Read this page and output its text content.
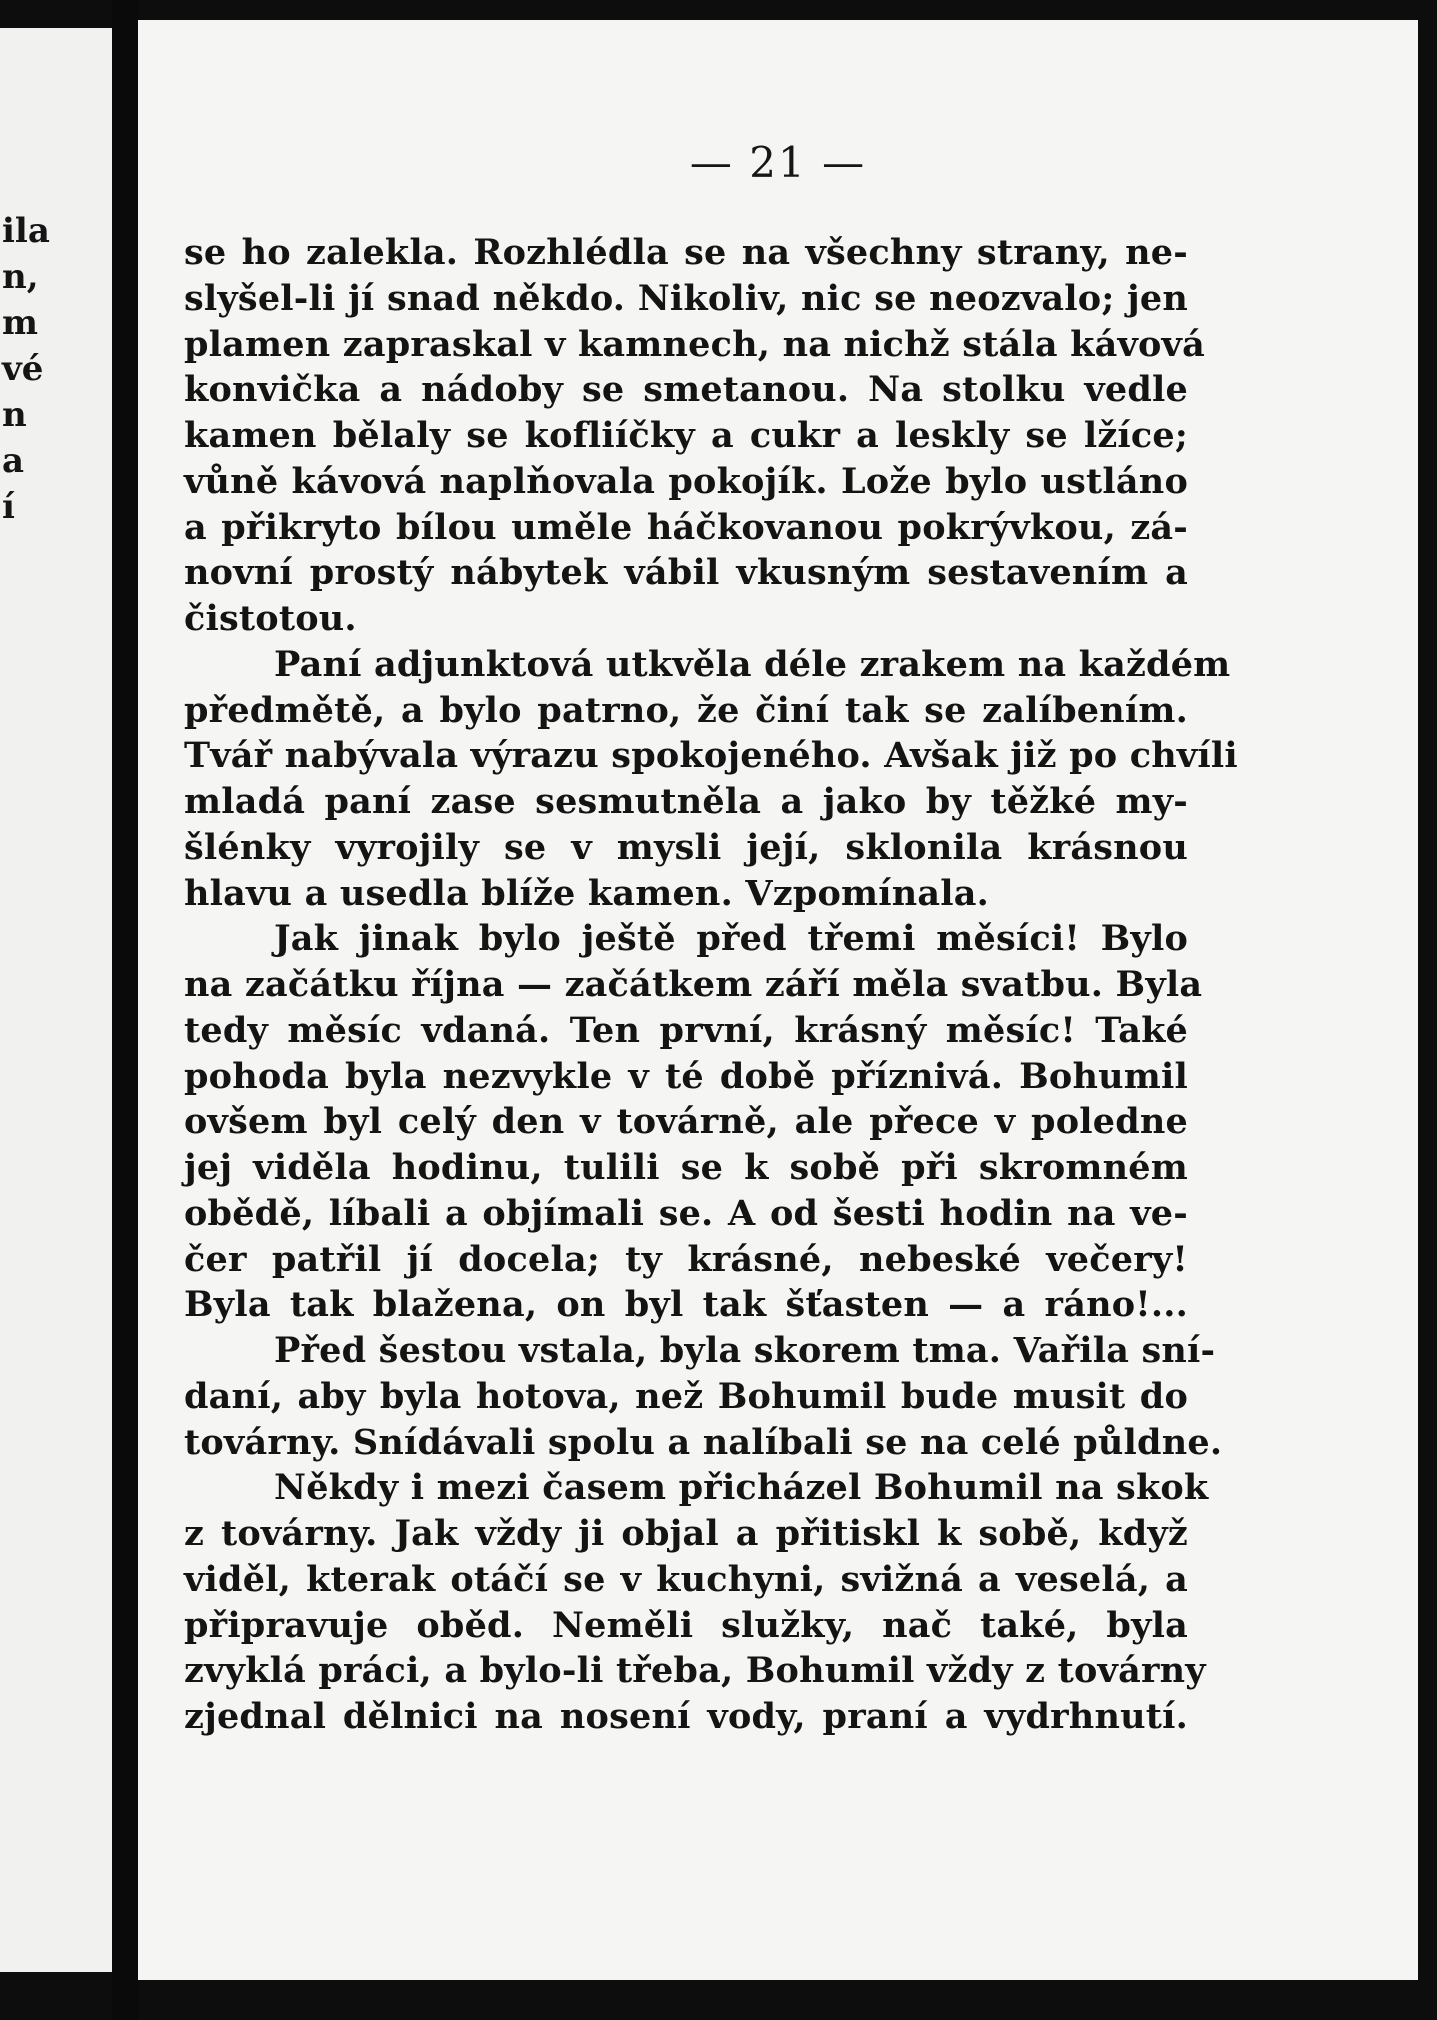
ila
n,
m
vé
n
a
í
— 21 —
se ho zalekla. Rozhlédla se na všechny strany, ne-
slyšel-li jí snad někdo. Nikoliv, nic se neozvalo; jen
plamen zapraskal v kamnech, na nichž stála kávová
konvička a nádoby se smetanou. Na stolku vedle
kamen bělaly se kofliíčky a cukr a leskly se lžíce;
vůně kávová naplňovala pokojík. Lože bylo ustláno
a přikryto bílou uměle háčkovanou pokrývkou, zá-
novní prostý nábytek vábil vkusným sestavením a
čistotou.
Paní adjunktová utkvěla déle zrakem na každém
předmětě, a bylo patrno, že činí tak se zalíbením.
Tvář nabývala výrazu spokojeného. Avšak již po chvíli
mladá paní zase sesmutněla a jako by těžké my-
šlénky vyrojily se v mysli její, sklonila krásnou
hlavu a usedla blíže kamen. Vzpomínala.
Jak jinak bylo ještě před třemi měsíci! Bylo
na začátku října — začátkem září měla svatbu. Byla
tedy měsíc vdaná. Ten první, krásný měsíc! Také
pohoda byla nezvykle v té době příznivá. Bohumil
ovšem byl celý den v továrně, ale přece v poledne
jej viděla hodinu, tulili se k sobě při skromném
obědě, líbali a objímali se. A od šesti hodin na ve-
čer patřil jí docela; ty krásné, nebeské večery!
Byla tak blažena, on byl tak šťasten — a ráno!...
Před šestou vstala, byla skorem tma. Vařila sní-
daní, aby byla hotova, než Bohumil bude musit do
továrny. Snídávali spolu a nalíbali se na celé půldne.
Někdy i mezi časem přicházel Bohumil na skok
z továrny. Jak vždy ji objal a přitiskl k sobě, když
viděl, kterak otáčí se v kuchyni, svižná a veselá, a
připravuje oběd. Neměli služky, nač také, byla
zvyklá práci, a bylo-li třeba, Bohumil vždy z továrny
zjednal dělnici na nosení vody, praní a vydrhnutí.
